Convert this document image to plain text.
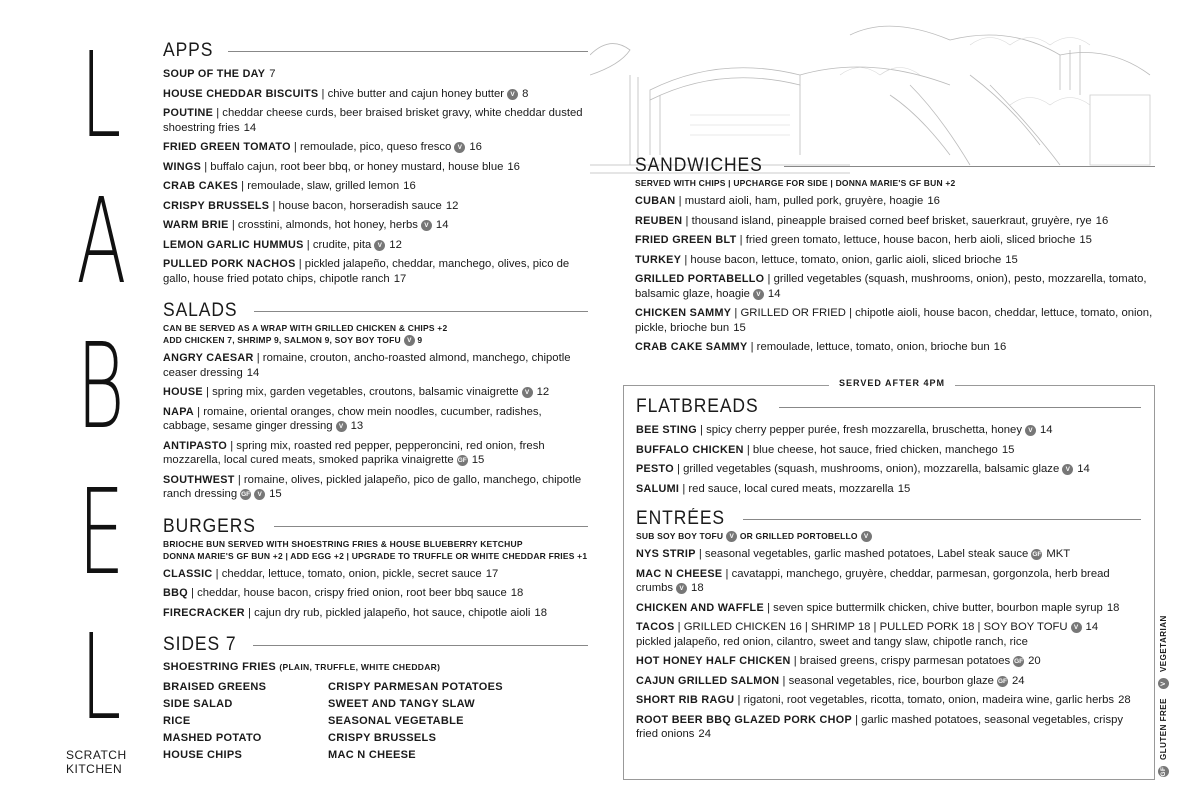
L
A
B
E
L
SCRATCH
KITCHEN
APPS
SOUP OF THE DAY 7
HOUSE CHEDDAR BISCUITS | chive butter and cajun honey butter V 8
POUTINE | cheddar cheese curds, beer braised brisket gravy, white cheddar dusted shoestring fries 14
FRIED GREEN TOMATO | remoulade, pico, queso fresco V 16
WINGS | buffalo cajun, root beer bbq, or honey mustard, house blue 16
CRAB CAKES | remoulade, slaw, grilled lemon 16
CRISPY BRUSSELS | house bacon, horseradish sauce 12
WARM BRIE | crosstini, almonds, hot honey, herbs V 14
LEMON GARLIC HUMMUS | crudite, pita V 12
PULLED PORK NACHOS | pickled jalapeño, cheddar, manchego, olives, pico de gallo, house fried potato chips, chipotle ranch 17
SALADS
CAN BE SERVED AS A WRAP WITH GRILLED CHICKEN & CHIPS +2
ADD CHICKEN 7, SHRIMP 9, SALMON 9, SOY BOY TOFU V 9
ANGRY CAESAR | romaine, crouton, ancho-roasted almond, manchego, chipotle ceaser dressing 14
HOUSE | spring mix, garden vegetables, croutons, balsamic vinaigrette V 12
NAPA | romaine, oriental oranges, chow mein noodles, cucumber, radishes, cabbage, sesame ginger dressing V 13
ANTIPASTO | spring mix, roasted red pepper, pepperoncini, red onion, fresh mozzarella, local cured meats, smoked paprika vinaigrette GF 15
SOUTHWEST | romaine, olives, pickled jalapeño, pico de gallo, manchego, chipotle ranch dressing GF V 15
BURGERS
BRIOCHE BUN SERVED WITH SHOESTRING FRIES & HOUSE BLUEBERRY KETCHUP
DONNA MARIE'S GF BUN +2 | ADD EGG +2 | UPGRADE TO TRUFFLE OR WHITE CHEDDAR FRIES +1
CLASSIC | cheddar, lettuce, tomato, onion, pickle, secret sauce 17
BBQ | cheddar, house bacon, crispy fried onion, root beer bbq sauce 18
FIRECRACKER | cajun dry rub, pickled jalapeño, hot sauce, chipotle aioli 18
SIDES 7
SHOESTRING FRIES (PLAIN, TRUFFLE, WHITE CHEDDAR)
BRAISED GREENS
SIDE SALAD
RICE
MASHED POTATO
HOUSE CHIPS
CRISPY PARMESAN POTATOES
SWEET AND TANGY SLAW
SEASONAL VEGETABLE
CRISPY BRUSSELS
MAC N CHEESE
SANDWICHES
SERVED WITH CHIPS | UPCHARGE FOR SIDE | DONNA MARIE'S GF BUN +2
CUBAN | mustard aioli, ham, pulled pork, gruyère, hoagie 16
REUBEN | thousand island, pineapple braised corned beef brisket, sauerkraut, gruyère, rye 16
FRIED GREEN BLT | fried green tomato, lettuce, house bacon, herb aioli, sliced brioche 15
TURKEY | house bacon, lettuce, tomato, onion, garlic aioli, sliced brioche 15
GRILLED PORTABELLO | grilled vegetables (squash, mushrooms, onion), pesto, mozzarella, tomato, balsamic glaze, hoagie V 14
CHICKEN SAMMY | GRILLED OR FRIED | chipotle aioli, house bacon, cheddar, lettuce, tomato, onion, pickle, brioche bun 15
CRAB CAKE SAMMY | remoulade, lettuce, tomato, onion, brioche bun 16
SERVED AFTER 4PM
FLATBREADS
BEE STING | spicy cherry pepper purée, fresh mozzarella, bruschetta, honey V 14
BUFFALO CHICKEN | blue cheese, hot sauce, fried chicken, manchego 15
PESTO | grilled vegetables (squash, mushrooms, onion), mozzarella, balsamic glaze V 14
SALUMI | red sauce, local cured meats, mozzarella 15
ENTRÉES
SUB SOY BOY TOFU V OR GRILLED PORTOBELLO V
NYS STRIP | seasonal vegetables, garlic mashed potatoes, Label steak sauce GF MKT
MAC N CHEESE | cavatappi, manchego, gruyère, cheddar, parmesan, gorgonzola, herb bread crumbs V 18
CHICKEN AND WAFFLE | seven spice buttermilk chicken, chive butter, bourbon maple syrup 18
TACOS | GRILLED CHICKEN 16 | SHRIMP 18 | PULLED PORK 18 | SOY BOY TOFU V 14
pickled jalapeño, red onion, cilantro, sweet and tangy slaw, chipotle ranch, rice
HOT HONEY HALF CHICKEN | braised greens, crispy parmesan potatoes GF 20
CAJUN GRILLED SALMON | seasonal vegetables, rice, bourbon glaze GF 24
SHORT RIB RAGU | rigatoni, root vegetables, ricotta, tomato, onion, madeira wine, garlic herbs 28
ROOT BEER BBQ GLAZED PORK CHOP | garlic mashed potatoes, seasonal vegetables, crispy fried onions 24
GF
GLUTEN FREE
V
VEGETARIAN
